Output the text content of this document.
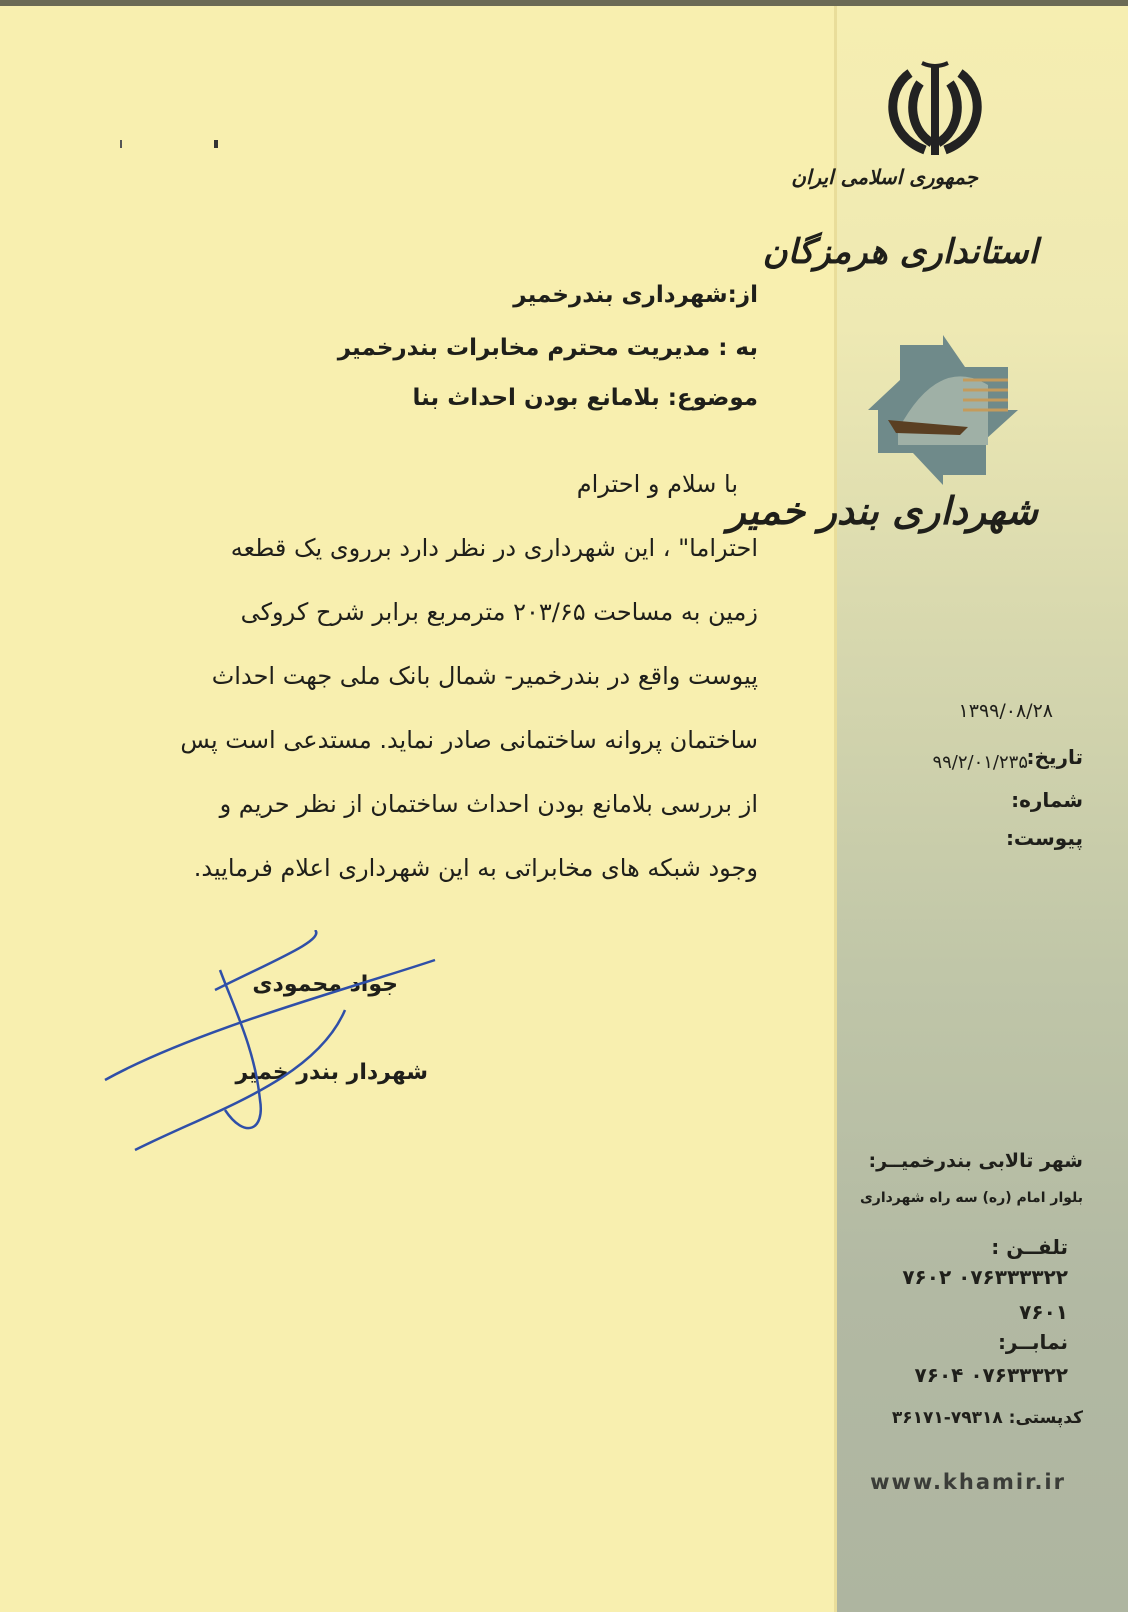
جمهوری اسلامی ایران
استانداری هرمزگان
شهرداری بندر خمیر
۱۳۹۹/۰۸/۲۸
تاریخ:
۹۹/۲/۰۱/۲۳۵
شماره:
پیوست:
از:شهرداری بندرخمیر
به : مدیریت محترم مخابرات بندرخمیر
موضوع: بلامانع بودن احداث بنا
با سلام و احترام
احتراما" ، این شهرداری در نظر دارد برروی یک قطعه
زمین به مساحت ۲۰۳/۶۵ مترمربع برابر شرح کروکی
پیوست واقع در بندرخمیر- شمال بانک ملی جهت احداث
ساختمان پروانه ساختمانی صادر نماید. مستدعی است پس
از بررسی بلامانع بودن احداث ساختمان از نظر حریم و
وجود شبکه های مخابراتی به این شهرداری اعلام فرمایید.
جواد محمودی
شهردار بندر خمیر
شهر تالابی بندرخمیــر:
بلوار امام (ره) سه راه شهرداری
تلفــن :
۰۷۶۳۳۳۳۲۲ ۷۶۰۲
۷۶۰۱
نمابــر:
۰۷۶۳۳۳۲۲ ۷۶۰۴
کدپستی: ۷۹۳۱۸-۳۶۱۷۱
www.khamir.ir
